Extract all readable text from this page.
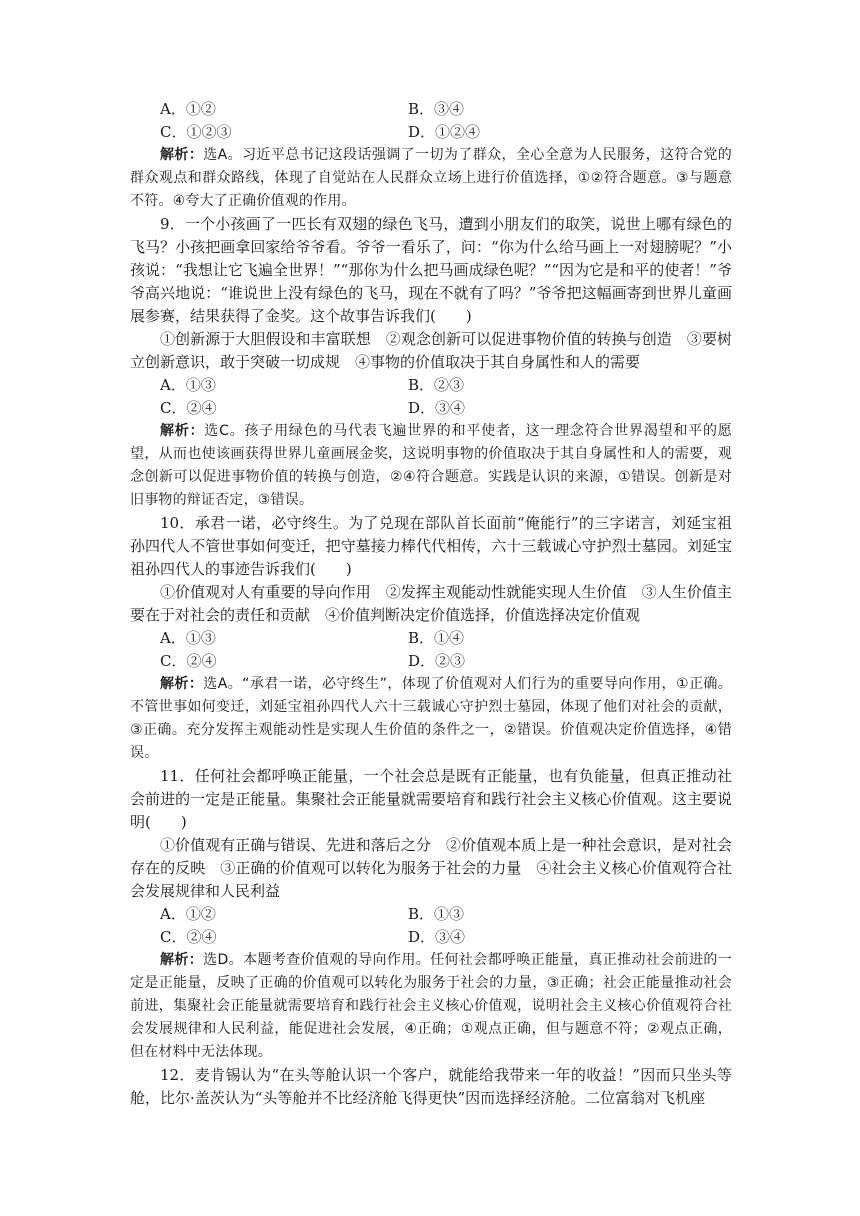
A．①②	B．③④
C．①②③	D．①②④

解析：选A。习近平总书记这段话强调了一切为了群众，全心全意为人民服务，这符合党的群众观点和群众路线，体现了自觉站在人民群众立场上进行价值选择，①②符合题意。③与题意不符。④夸大了正确价值观的作用。

9．一个小孩画了一匹长有双翅的绿色飞马，遭到小朋友们的取笑，说世上哪有绿色的飞马？小孩把画拿回家给爷爷看。爷爷一看乐了，问：“你为什么给马画上一对翅膀呢？”小孩说：“我想让它飞遍全世界！”“那你为什么把马画成绿色呢？”“因为它是和平的使者！”爷爷高兴地说：“谁说世上没有绿色的飞马，现在不就有了吗？”爷爷把这幅画寄到世界儿童画展参赛，结果获得了金奖。这个故事告诉我们(　　)

①创新源于大胆假设和丰富联想　②观念创新可以促进事物价值的转换与创造　③要树立创新意识，敢于突破一切成规　④事物的价值取决于其自身属性和人的需要

A．①③	B．②③
C．②④	D．③④

解析：选C。孩子用绿色的马代表飞遍世界的和平使者，这一理念符合世界渴望和平的愿望，从而也使该画获得世界儿童画展金奖，这说明事物的价值取决于其自身属性和人的需要，观念创新可以促进事物价值的转换与创造，②④符合题意。实践是认识的来源，①错误。创新是对旧事物的辩证否定，③错误。

10．承君一诺，必守终生。为了兑现在部队首长面前“俺能行”的三字诺言，刘延宝祖孙四代人不管世事如何变迁，把守墓接力棒代代相传，六十三载诚心守护烈士墓园。刘延宝祖孙四代人的事迹告诉我们(　　)

①价值观对人有重要的导向作用　②发挥主观能动性就能实现人生价值　③人生价值主要在于对社会的责任和贡献　④价值判断决定价值选择，价值选择决定价值观

A．①③	B．①④
C．②④	D．②③

解析：选A。“承君一诺，必守终生”，体现了价值观对人们行为的重要导向作用，①正确。不管世事如何变迁，刘延宝祖孙四代人六十三载诚心守护烈士墓园，体现了他们对社会的贡献，③正确。充分发挥主观能动性是实现人生价值的条件之一，②错误。价值观决定价值选择，④错误。

11．任何社会都呼唤正能量，一个社会总是既有正能量，也有负能量，但真正推动社会前进的一定是正能量。集聚社会正能量就需要培育和践行社会主义核心价值观。这主要说明(　　)

①价值观有正确与错误、先进和落后之分　②价值观本质上是一种社会意识，是对社会存在的反映　③正确的价值观可以转化为服务于社会的力量　④社会主义核心价值观符合社会发展规律和人民利益

A．①②	B．①③
C．②④	D．③④

解析：选D。本题考查价值观的导向作用。任何社会都呼唤正能量，真正推动社会前进的一定是正能量，反映了正确的价值观可以转化为服务于社会的力量，③正确；社会正能量推动社会前进，集聚社会正能量就需要培育和践行社会主义核心价值观，说明社会主义核心价值观符合社会发展规律和人民利益，能促进社会发展，④正确；①观点正确，但与题意不符；②观点正确，但在材料中无法体现。

12．麦肯锡认为“在头等舱认识一个客户，就能给我带来一年的收益！”因而只坐头等舱，比尔·盖茨认为“头等舱并不比经济舱飞得更快”因而选择经济舱。二位富翁对飞机座
